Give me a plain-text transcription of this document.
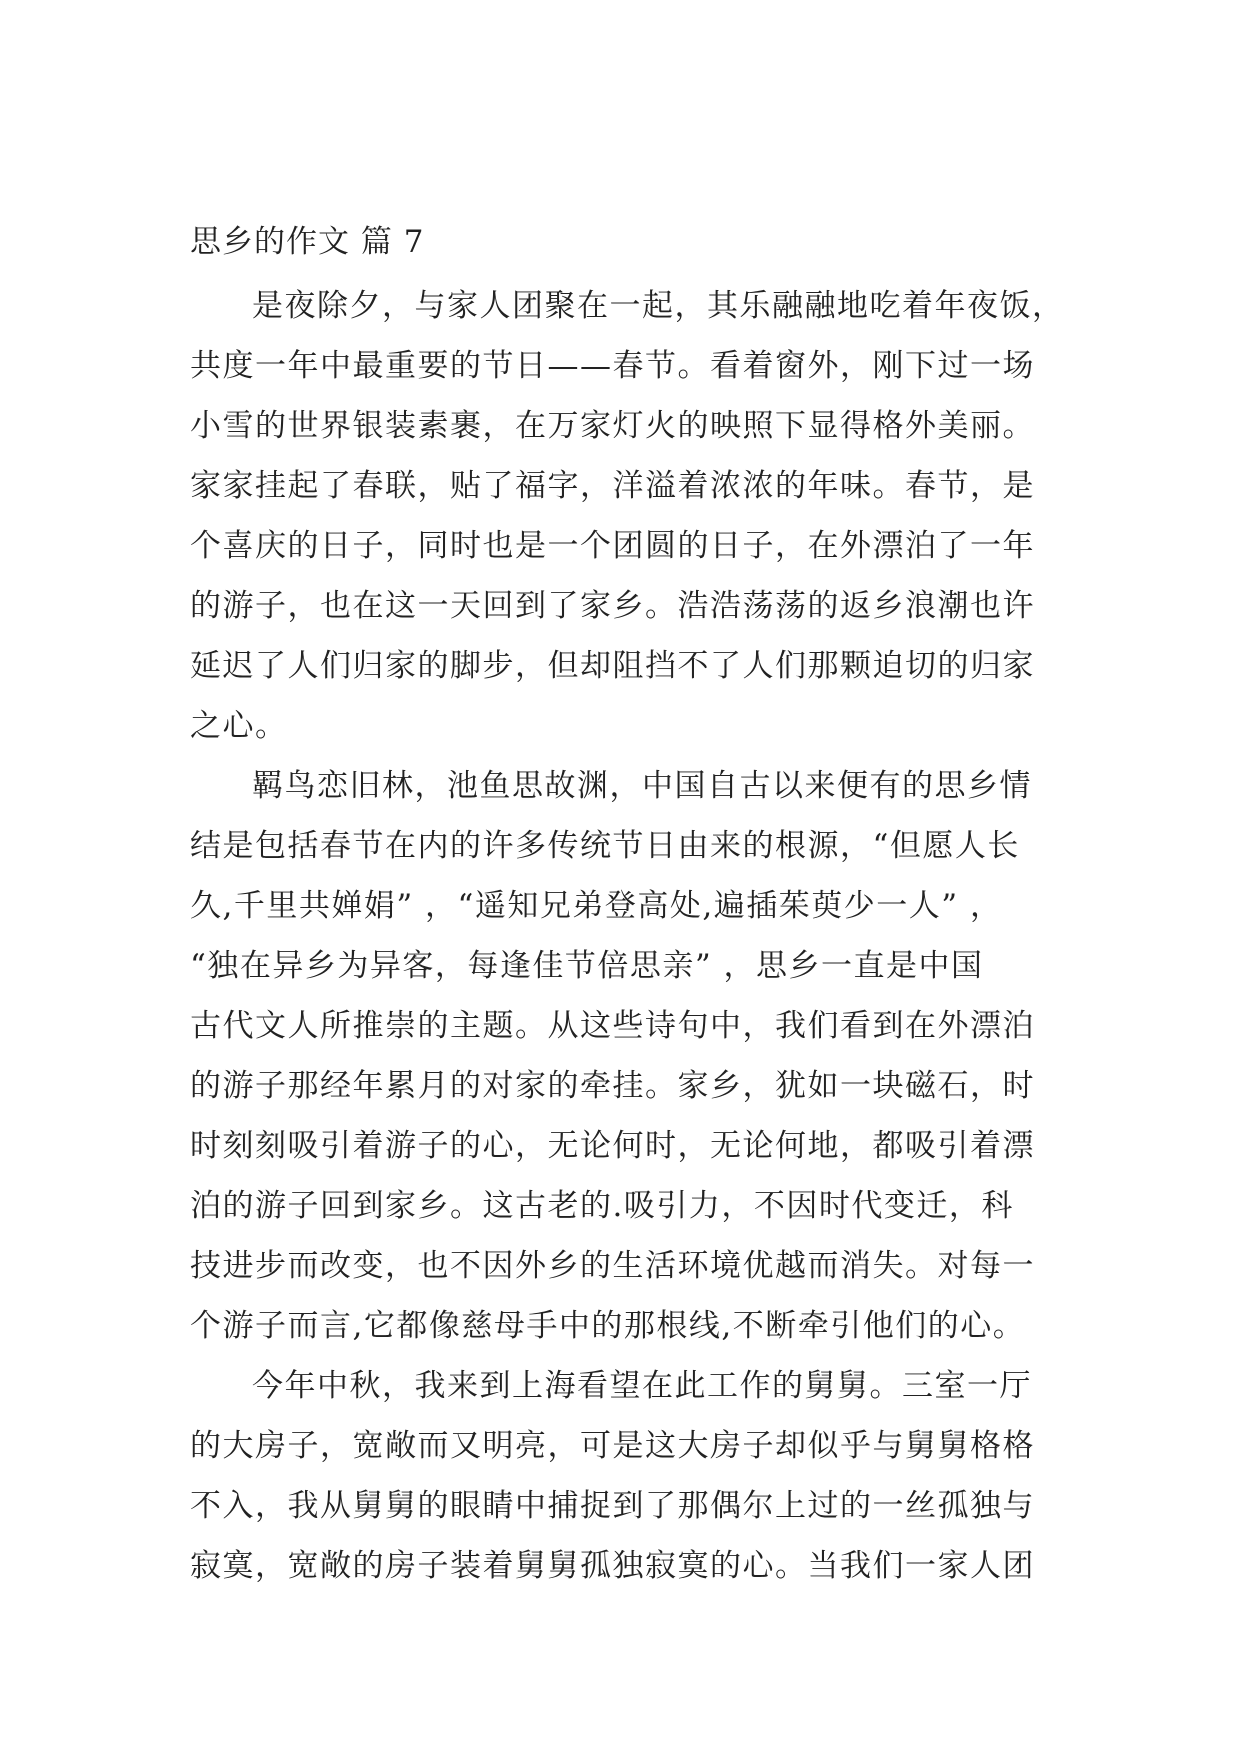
思乡的作文 篇 7
是夜除夕，与家人团聚在一起，其乐融融地吃着年夜饭，
共度一年中最重要的节日——春节。看着窗外，刚下过一场
小雪的世界银装素裹，在万家灯火的映照下显得格外美丽。
家家挂起了春联，贴了福字，洋溢着浓浓的年味。春节，是
个喜庆的日子，同时也是一个团圆的日子，在外漂泊了一年
的游子，也在这一天回到了家乡。浩浩荡荡的返乡浪潮也许
延迟了人们归家的脚步，但却阻挡不了人们那颗迫切的归家
之心。
羁鸟恋旧林，池鱼思故渊，中国自古以来便有的思乡情
结是包括春节在内的许多传统节日由来的根源，“但愿人长
久,千里共婵娟” ，“遥知兄弟登高处,遍插茱萸少一人” ，
“独在异乡为异客，每逢佳节倍思亲” ，思乡一直是中国
古代文人所推崇的主题。从这些诗句中，我们看到在外漂泊
的游子那经年累月的对家的牵挂。家乡，犹如一块磁石，时
时刻刻吸引着游子的心，无论何时，无论何地，都吸引着漂
泊的游子回到家乡。这古老的.吸引力，不因时代变迁，科
技进步而改变，也不因外乡的生活环境优越而消失。对每一
个游子而言,它都像慈母手中的那根线,不断牵引他们的心。
今年中秋，我来到上海看望在此工作的舅舅。三室一厅
的大房子，宽敞而又明亮，可是这大房子却似乎与舅舅格格
不入，我从舅舅的眼睛中捕捉到了那偶尔上过的一丝孤独与
寂寞，宽敞的房子装着舅舅孤独寂寞的心。当我们一家人团
